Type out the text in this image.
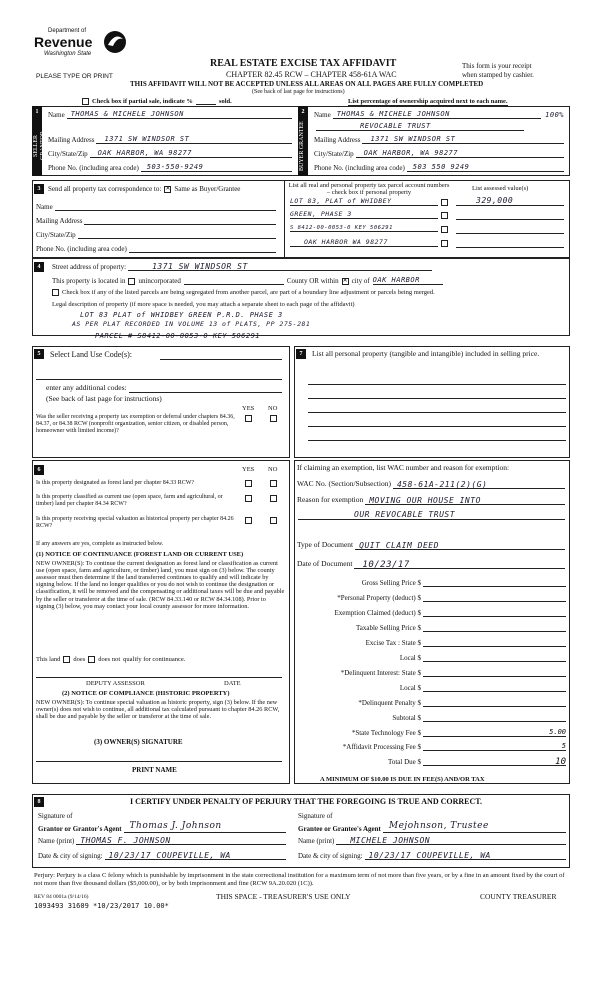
Department of
Revenue
Washington State
PLEASE TYPE OR PRINT
REAL ESTATE EXCISE TAX AFFIDAVIT
CHAPTER 82.45 RCW – CHAPTER 458-61A WAC
THIS AFFIDAVIT WILL NOT BE ACCEPTED UNLESS ALL AREAS ON ALL PAGES ARE FULLY COMPLETED
(See back of last page for instructions)
This form is your receipt
when stamped by cashier.
Check box if partial sale, indicate %	sold.	List percentage of ownership acquired next to each name.
1
SELLER GRANTOR
2
BUYER GRANTEE
Name THOMAS & MICHELE JOHNSON
Mailing Address	1371 SW WINDSOR ST
City/State/Zip	OAK HARBOR, WA 98277
Phone No. (including area code)	503-550-9249
Name THOMAS & MICHELE JOHNSON	100%
REVOCABLE TRUST
Mailing Address	1371 SW WINDSOR ST
City/State/Zip	OAK HARBOR, WA 98277
Phone No. (including area code)	503 550 9249
3	Send all property tax correspondence to: ✕ Same as Buyer/Grantee
Name
Mailing Address
City/State/Zip
Phone No. (including area code)
List all real and personal property tax parcel account numbers – check box if personal property
List assessed value(s)
LOT 83, PLAT of WHIDBEY	329,000
GREEN, PHASE 3
S 8412-00-0053-0 KEY 506291
OAK HARBOR WA 98277
4	Street address of property:	1371 SW WINDSOR ST
This property is located in unincorporated	County OR within ✕ city of OAK HARBOR
Check box if any of the listed parcels are being segregated from another parcel, are part of a boundary line adjustment or parcels being merged.
Legal description of property (if more space is needed, you may attach a separate sheet to each page of the affidavit)
LOT 83 PLAT of WHIDBEY GREEN P.R.D. PHASE 3
AS PER PLAT RECORDED IN VOLUME 13 of PLATS, PP 275-281
PARCEL # S8412-00-0053-0 KEY 506291
5	Select Land Use Code(s):
enter any additional codes:
(See back of last page for instructions)
YES NO
Was the seller receiving a property tax exemption or deferral under chapters 84.36, 84.37, or 84.38 RCW (nonprofit organization, senior citizen, or disabled person, homeowner with limited income)?
7	List all personal property (tangible and intangible) included in selling price.
6	YES NO
Is this property designated as forest land per chapter 84.33 RCW?
Is this property classified as current use (open space, farm and agricultural, or timber) land per chapter 84.34 RCW?
Is this property receiving special valuation as historical property per chapter 84.26 RCW?
If any answers are yes, complete as instructed below.
(1) NOTICE OF CONTINUANCE (FOREST LAND OR CURRENT USE)
NEW OWNER(S): To continue the current designation as forest land or classification as current use (open space, farm and agriculture, or timber) land, you must sign on (3) below. The county assessor must then determine if the land transferred continues to qualify and will indicate by signing below. If the land no longer qualifies or you do not wish to continue the designation or classification, it will be removed and the compensating or additional taxes will be due and payable by the seller or transferor at the time of sale. (RCW 84.33.140 or RCW 84.34.108). Prior to signing (3) below, you may contact your local county assessor for more information.
This land does does not qualify for continuance.
DEPUTY ASSESSOR	DATE
(2) NOTICE OF COMPLIANCE (HISTORIC PROPERTY)
NEW OWNER(S): To continue special valuation as historic property, sign (3) below. If the new owner(s) does not wish to continue, all additional tax calculated pursuant to chapter 84.26 RCW, shall be due and payable by the seller or transferor at the time of sale.
(3) OWNER(S) SIGNATURE
PRINT NAME
If claiming an exemption, list WAC number and reason for exemption:
WAC No. (Section/Subsection) 458-61A-211(2)(G)
Reason for exemption MOVING OUR HOUSE INTO
OUR REVOCABLE TRUST
Type of Document QUIT CLAIM DEED
Date of Document	10/23/17
Gross Selling Price $
*Personal Property (deduct) $
Exemption Claimed (deduct) $
Taxable Selling Price $
Excise Tax : State $
Local $
*Delinquent Interest: State $
Local $
*Delinquent Penalty $
Subtotal $
*State Technology Fee $	5.00
*Affidavit Processing Fee $	5
Total Due $	10
A MINIMUM OF $10.00 IS DUE IN FEE(S) AND/OR TAX
8	I CERTIFY UNDER PENALTY OF PERJURY THAT THE FOREGOING IS TRUE AND CORRECT.
Signature of
Grantor or Grantor's Agent Thomas J. Johnson
Name (print) THOMAS F. JOHNSON
Date & city of signing: 10/23/17 COUPEVILLE, WA
Signature of
Grantee or Grantee's Agent Mejohnson, Trustee
Name (print)	MICHELE JOHNSON
Date & city of signing: 10/23/17 COUPEVILLE, WA
Perjury: Perjury is a class C felony which is punishable by imprisonment in the state correctional institution for a maximum term of not more than five years, or by a fine in an amount fixed by the court of not more than five thousand dollars ($5,000.00), or by both imprisonment and fine (RCW 9A.20.020 (1C)).
REV 84 0001a (9/14/16)
1093493 31609 *10/23/2017 10.00*
THIS SPACE - TREASURER'S USE ONLY	COUNTY TREASURER
